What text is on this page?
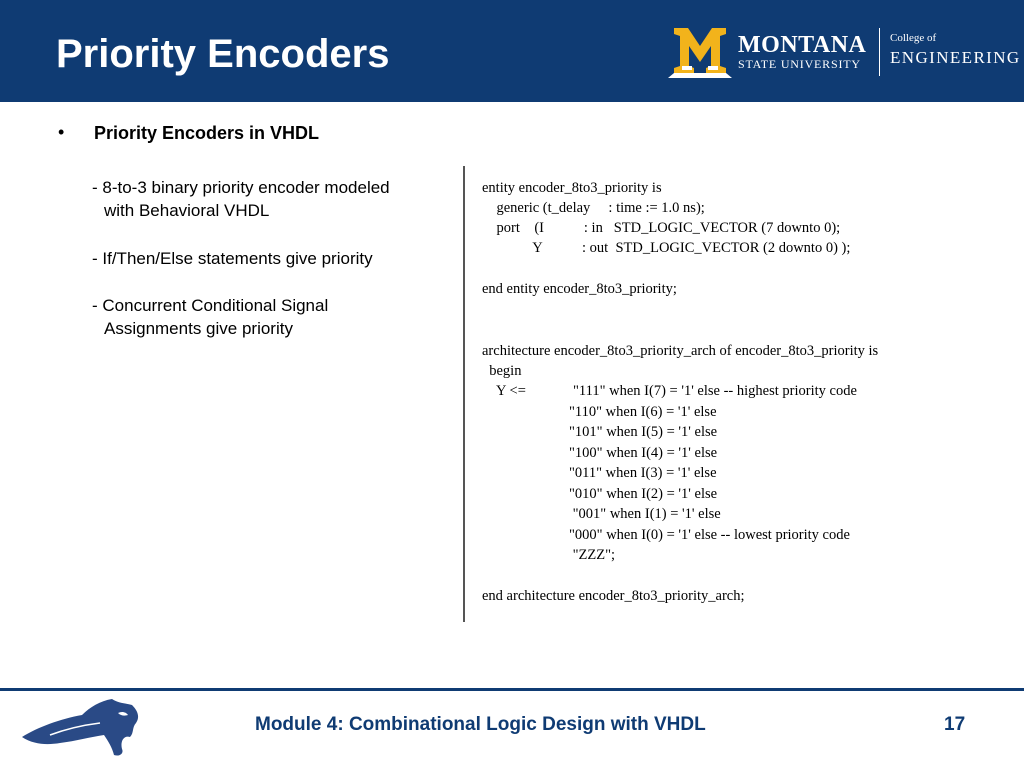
Priority Encoders	MONTANA
STATE UNIVERSITY
College of
ENGINEERING
• Priority Encoders in VHDL
- 8-to-3 binary priority encoder modeled
with Behavioral VHDL
- If/Then/Else statements give priority
- Concurrent Conditional Signal
Assignments give priority
entity encoder_8to3_priority is
generic (t_delay     : time := 1.0 ns);
port    (I           : in   STD_LOGIC_VECTOR (7 downto 0);
Y           : out  STD_LOGIC_VECTOR (2 downto 0) );
end entity encoder_8to3_priority;
architecture encoder_8to3_priority_arch of encoder_8to3_priority is
begin
Y <=             "111" when I(7) = '1' else -- highest priority code
"110" when I(6) = '1' else
"101" when I(5) = '1' else
"100" when I(4) = '1' else
"011" when I(3) = '1' else
"010" when I(2) = '1' else
"001" when I(1) = '1' else
"000" when I(0) = '1' else -- lowest priority code
"ZZZ";
end architecture encoder_8to3_priority_arch;
Module 4: Combinational Logic Design with VHDL	17
